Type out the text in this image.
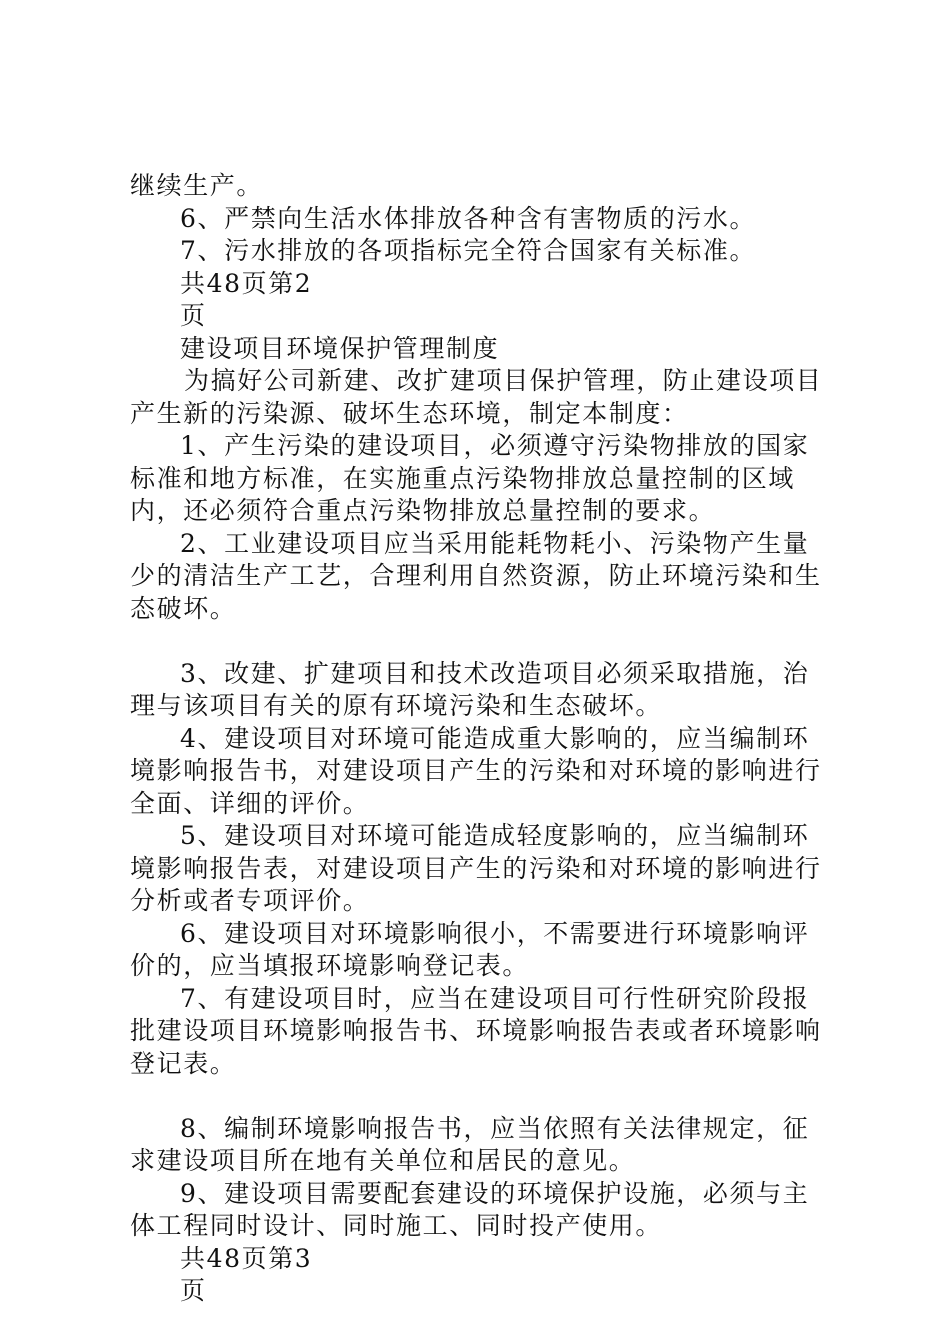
继续生产。

6、严禁向生活水体排放各种含有害物质的污水。

7、污水排放的各项指标完全符合国家有关标准。

共48页第2

页

建设项目环境保护管理制度

为搞好公司新建、改扩建项目保护管理，防止建设项目产生新的污染源、破坏生态环境，制定本制度：

1、产生污染的建设项目，必须遵守污染物排放的国家标准和地方标准，在实施重点污染物排放总量控制的区域内，还必须符合重点污染物排放总量控制的要求。

2、工业建设项目应当采用能耗物耗小、污染物产生量少的清洁生产工艺，合理利用自然资源，防止环境污染和生态破坏。

3、改建、扩建项目和技术改造项目必须采取措施，治理与该项目有关的原有环境污染和生态破坏。

4、建设项目对环境可能造成重大影响的，应当编制环境影响报告书，对建设项目产生的污染和对环境的影响进行全面、详细的评价。

5、建设项目对环境可能造成轻度影响的，应当编制环境影响报告表，对建设项目产生的污染和对环境的影响进行分析或者专项评价。

6、建设项目对环境影响很小，不需要进行环境影响评价的，应当填报环境影响登记表。

7、有建设项目时，应当在建设项目可行性研究阶段报批建设项目环境影响报告书、环境影响报告表或者环境影响登记表。

8、编制环境影响报告书，应当依照有关法律规定，征求建设项目所在地有关单位和居民的意见。

9、建设项目需要配套建设的环境保护设施，必须与主体工程同时设计、同时施工、同时投产使用。

共48页第3

页
